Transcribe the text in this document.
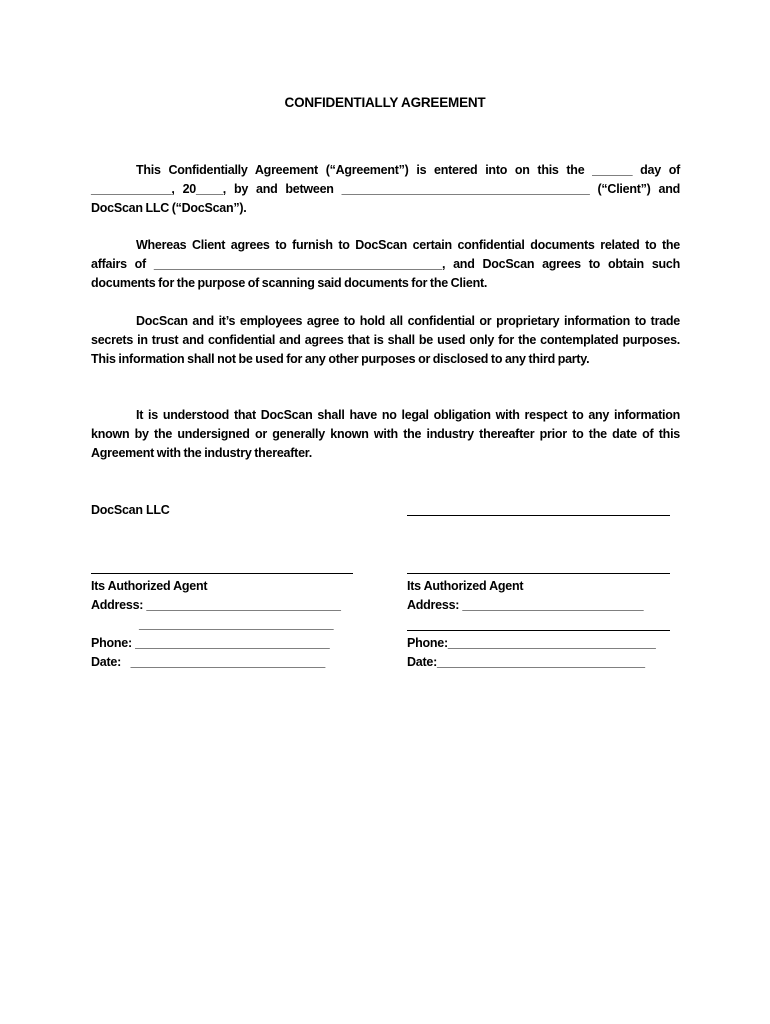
CONFIDENTIALLY AGREEMENT
This Confidentially Agreement (“Agreement”) is entered into on this the ______ day of ____________, 20____, by and between _____________________________________ (“Client”) and DocScan LLC (“DocScan”).
Whereas Client agrees to furnish to DocScan certain confidential documents related to the affairs of ___________________________________________, and DocScan agrees to obtain such documents for the purpose of scanning said documents for the Client.
DocScan and it’s employees agree to hold all confidential or proprietary information to trade secrets in trust and confidential and agrees that is shall be used only for the contemplated purposes. This information shall not be used for any other purposes or disclosed to any third party.
It is understood that DocScan shall have no legal obligation with respect to any information known by the undersigned or generally known with the industry thereafter prior to the date of this Agreement with the industry thereafter.
DocScan LLC
Its Authorized Agent
Address: _____________________________
_____________________________
Phone: _____________________________
Date:   _____________________________
Its Authorized Agent
Address: ___________________________
Phone:_______________________________
Date:_______________________________
